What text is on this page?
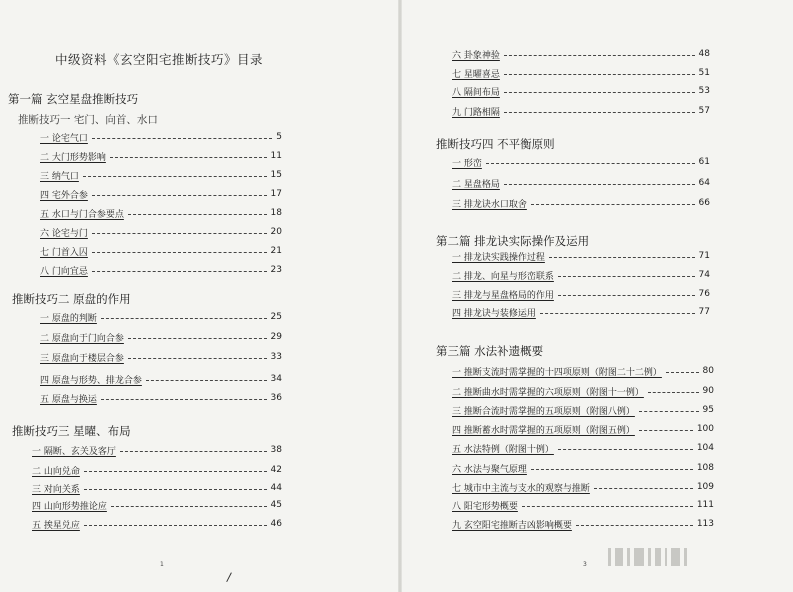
中级资料《玄空阳宅推断技巧》目录
第一篇 玄空星盘推断技巧
推断技巧一 宅门、向首、水口
一 论宅气口	5
二 大门形势影响	11
三 纳气口	15
四 宅外合参	17
五 水口与门合参要点	18
六 论宅与门	20
七 门首入囚	21
八 门向宜忌	23
推断技巧二 原盘的作用
一 原盘的判断	25
二 原盘向于门向合参	29
三 原盘向于楼层合参	33
四 原盘与形势、排龙合参	34
五 原盘与换运	36
推断技巧三 星曜、布局
一 隔断、玄关及客厅	38
二 山向兑命	42
三 对向关系	44
四 山向形势推论应	45
五 挨星兑应	46
1
/
六 卦象神验	48
七 星曜喜忌	51
八 隔间布局	53
九 门路相隔	57
推断技巧四 不平衡原则
一 形峦	61
二 星盘格局	64
三 排龙诀水口取舍	66
第二篇 排龙诀实际操作及运用
一 排龙诀实践操作过程	71
二 排龙、向星与形峦联系	74
三 排龙与星盘格局的作用	76
四 排龙诀与装修运用	77
第三篇 水法补遗概要
一 推断支流时需掌握的十四项原则（附图二十二例）	80
二 推断曲水时需掌握的六项原则（附图十一例）	90
三 推断合流时需掌握的五项原则（附图八例）	95
四 推断蓄水时需掌握的五项原则（附图五例）	100
五 水法特例（附图十例）	104
六 水法与聚气原理	108
七 城市中主流与支水的观察与推断	109
八 阳宅形势概要	111
九 玄空阳宅推断吉凶影响概要	113
3
